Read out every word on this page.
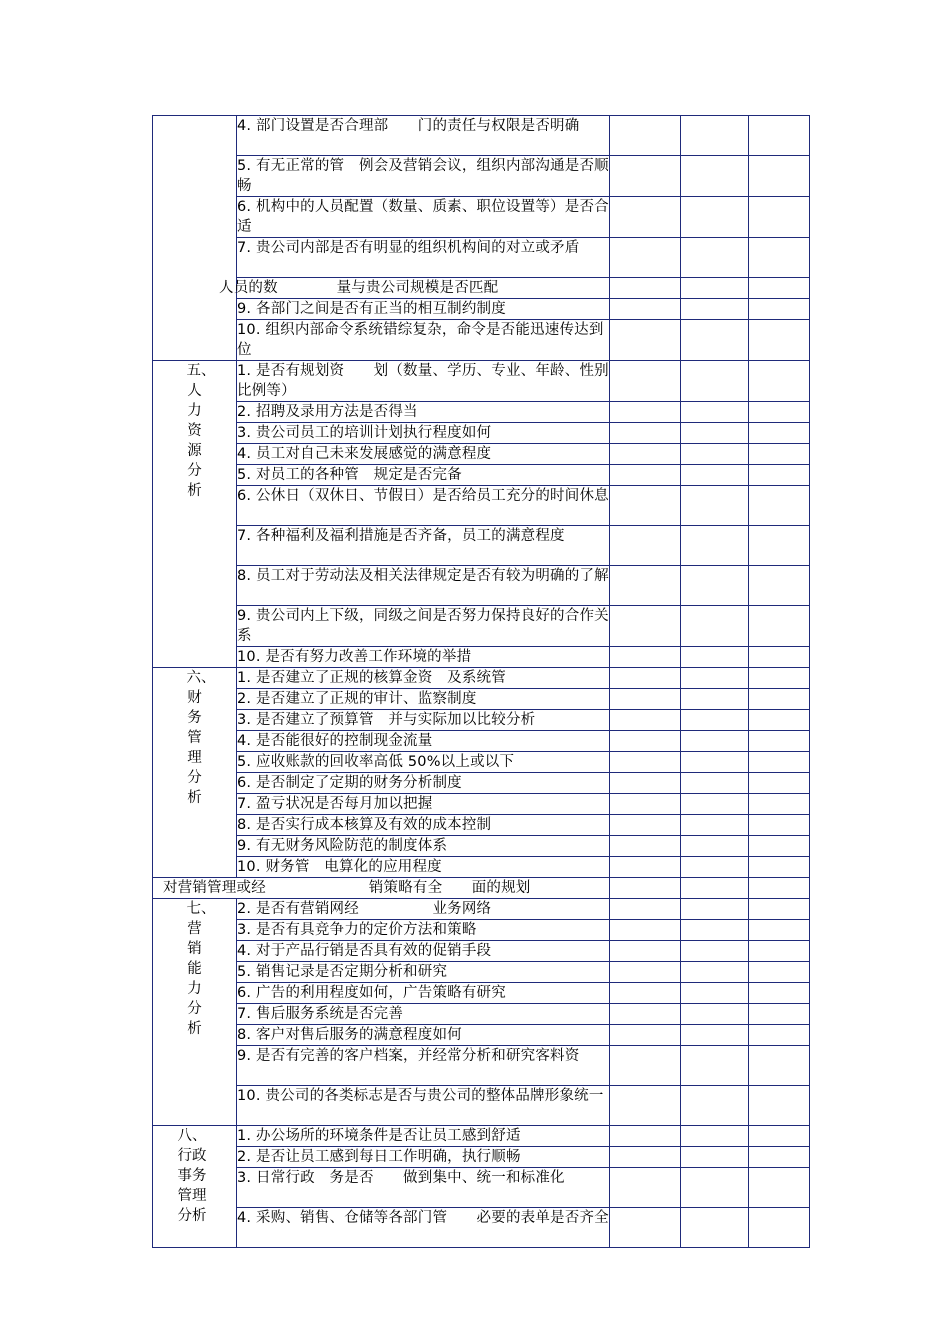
	4. 部门设置是否合理部　　门的责任与权限是否明确			

	5. 有无正常的管　例会及营销会议，组织内部沟通是否顺畅			

	6. 机构中的人员配置（数量、质素、职位设置等）是否合适			

	7. 贵公司内部是否有明显的组织机构间的对立或矛盾			

	人员的数　　　　量与贵公司规模是否匹配			

	9. 各部门之间是否有正当的相互制约制度			

	10. 组织内部命令系统错综复杂，命令是否能迅速传达到位			

五、人力资源分析	1. 是否有规划资　　划（数量、学历、专业、年龄、性别比例等）			

	2. 招聘及录用方法是否得当			

	3. 贵公司员工的培训计划执行程度如何			

	4. 员工对自己未来发展感觉的满意程度			

	5. 对员工的各种管　规定是否完备			

	6. 公休日（双休日、节假日）是否给员工充分的时间休息			

	7. 各种福利及福利措施是否齐备，员工的满意程度			

	8. 员工对于劳动法及相关法律规定是否有较为明确的了解			

	9. 贵公司内上下级，同级之间是否努力保持良好的合作关系			

	10. 是否有努力改善工作环境的举措			

六、财务管理分析	1. 是否建立了正规的核算金资　及系统管			

	2. 是否建立了正规的审计、监察制度			

	3. 是否建立了预算管　并与实际加以比较分析			

	4. 是否能很好的控制现金流量			

	5. 应收账款的回收率高低 50%以上或以下			

	6. 是否制定了定期的财务分析制度			

	7. 盈亏状况是否每月加以把握			

	8. 是否实行成本核算及有效的成本控制			

	9. 有无财务风险防范的制度体系			

	10. 财务管　电算化的应用程度			

对营销管理或经　　　　　　　销策略有全　　面的规划				

七、营销能力分析	2. 是否有营销网经　　　　　业务网络			

	3. 是否有具竞争力的定价方法和策略			

	4. 对于产品行销是否具有效的促销手段			

	5. 销售记录是否定期分析和研究			

	6. 广告的利用程度如何，广告策略有研究			

	7. 售后服务系统是否完善			

	8. 客户对售后服务的满意程度如何			

	9. 是否有完善的客户档案，并经常分析和研究客料资			

	10. 贵公司的各类标志是否与贵公司的整体品牌形象统一			

八、行政事务管理分析	1. 办公场所的环境条件是否让员工感到舒适			

	2. 是否让员工感到每日工作明确，执行顺畅			

	3. 日常行政　务是否　　做到集中、统一和标准化			

	4. 采购、销售、仓储等各部门管　　必要的表单是否齐全			
